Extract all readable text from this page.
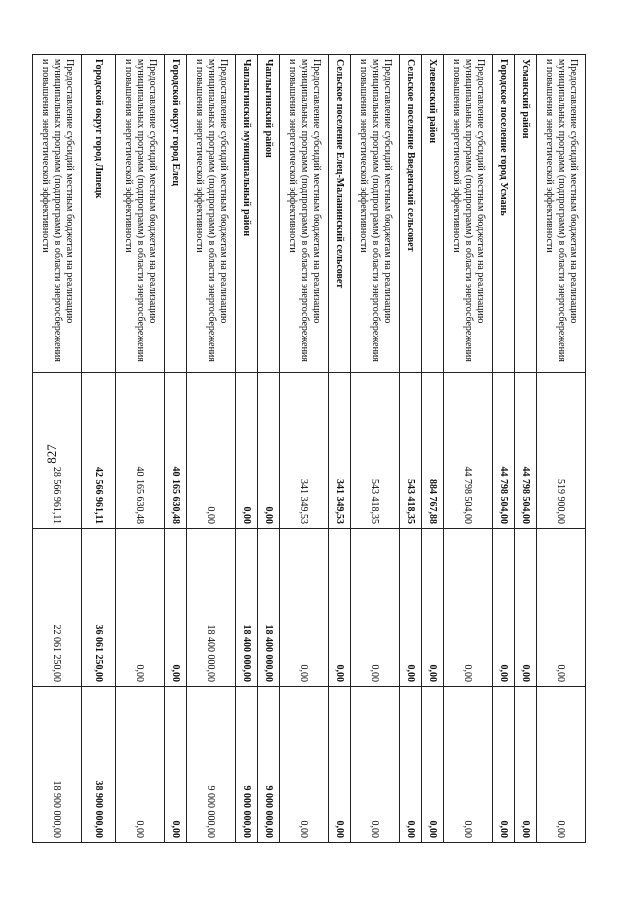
827
Предоставление субсидий местным бюджетам на реализацию муниципальных программ (подпрограмм) в области энергосбережения и повышения энергетической эффективности	519 900,00	0,00	0,00
Усманский район	44 798 504,00	0,00	0,00
Городское поселение город Усмань	44 798 504,00	0,00	0,00
Предоставление субсидий местным бюджетам на реализацию муниципальных программ (подпрограмм) в области энергосбережения и повышения энергетической эффективности	44 798 504,00	0,00	0,00
Хлевенский район	884 767,88	0,00	0,00
Сельское поселение Введенский сельсовет	543 418,35	0,00	0,00
Предоставление субсидий местным бюджетам на реализацию муниципальных программ (подпрограмм) в области энергосбережения и повышения энергетической эффективности	543 418,35	0,00	0,00
Сельское поселение Елец-Маланинский сельсовет	341 349,53	0,00	0,00
Предоставление субсидий местным бюджетам на реализацию муниципальных программ (подпрограмм) в области энергосбережения и повышения энергетической эффективности	341 349,53	0,00	0,00
Чаплыгинский район	0,00	18 400 000,00	9 000 000,00
Чаплыгинский муниципальный район	0,00	18 400 000,00	9 000 000,00
Предоставление субсидий местным бюджетам на реализацию муниципальных программ (подпрограмм) в области энергосбережения и повышения энергетической эффективности	0,00	18 400 000,00	9 000 000,00
Городской округ город Елец	40 165 630,48	0,00	0,00
Предоставление субсидий местным бюджетам на реализацию муниципальных программ (подпрограмм) в области энергосбережения и повышения энергетической эффективности	40 165 630,48	0,00	0,00
Городской округ город Липецк	42 566 961,11	36 061 250,00	38 900 000,00
Предоставление субсидий местным бюджетам на реализацию муниципальных программ (подпрограмм) в области энергосбережения и повышения энергетической эффективности	28 566 961,11	22 061 250,00	18 900 000,00
